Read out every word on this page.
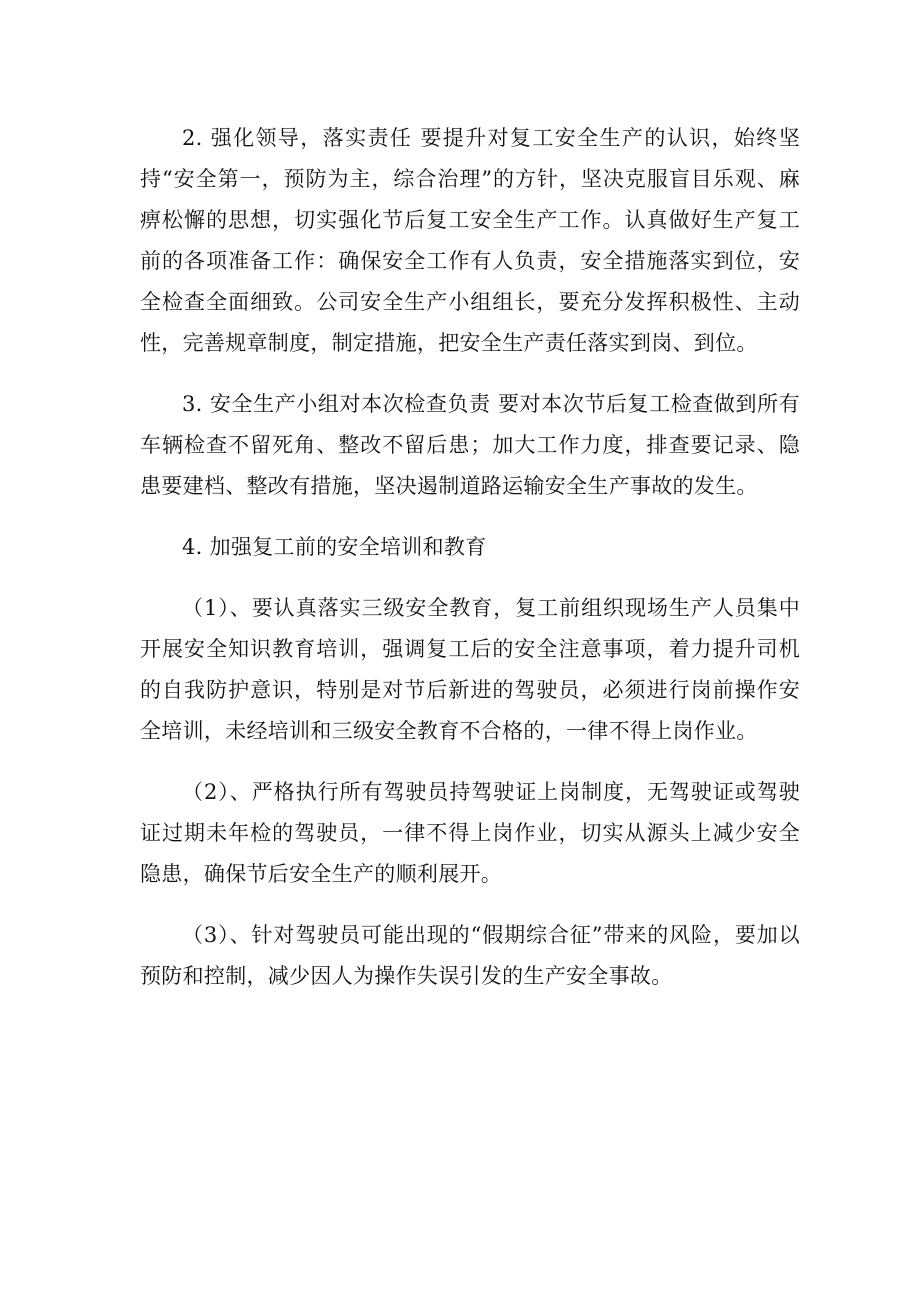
2. 强化领导，落实责任 要提升对复工安全生产的认识，始终坚持“安全第一，预防为主，综合治理”的方针，坚决克服盲目乐观、麻痹松懈的思想，切实强化节后复工安全生产工作。认真做好生产复工前的各项准备工作：确保安全工作有人负责，安全措施落实到位，安全检查全面细致。公司安全生产小组组长，要充分发挥积极性、主动性，完善规章制度，制定措施，把安全生产责任落实到岗、到位。

3. 安全生产小组对本次检查负责 要对本次节后复工检查做到所有车辆检查不留死角、整改不留后患；加大工作力度，排查要记录、隐患要建档、整改有措施，坚决遏制道路运输安全生产事故的发生。

4. 加强复工前的安全培训和教育

（1）、要认真落实三级安全教育，复工前组织现场生产人员集中开展安全知识教育培训，强调复工后的安全注意事项，着力提升司机的自我防护意识，特别是对节后新进的驾驶员，必须进行岗前操作安全培训，未经培训和三级安全教育不合格的，一律不得上岗作业。

（2）、严格执行所有驾驶员持驾驶证上岗制度，无驾驶证或驾驶证过期未年检的驾驶员，一律不得上岗作业，切实从源头上减少安全隐患，确保节后安全生产的顺利展开。

（3）、针对驾驶员可能出现的“假期综合征”带来的风险，要加以预防和控制，减少因人为操作失误引发的生产安全事故。
